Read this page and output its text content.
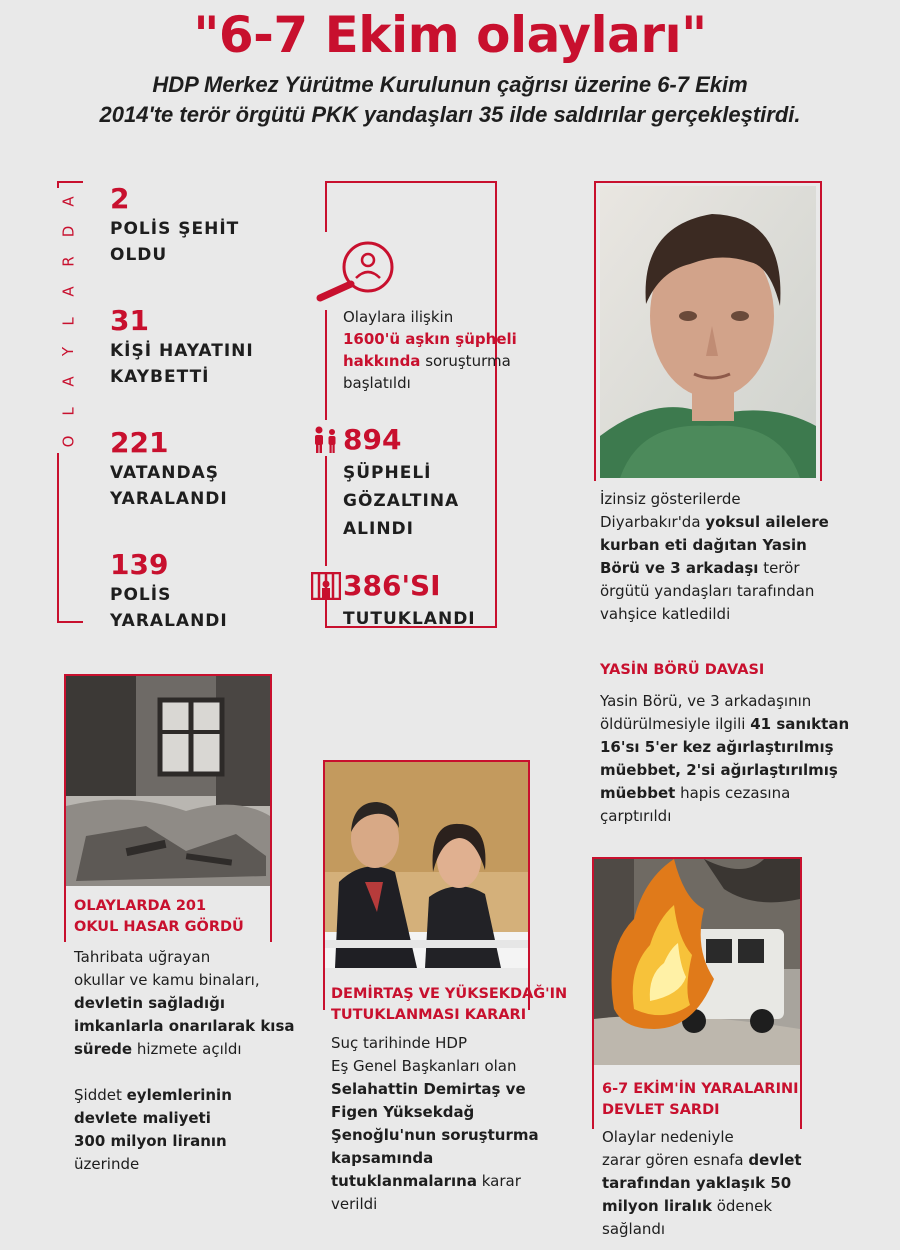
"6-7 Ekim olayları"
HDP Merkez Yürütme Kurulunun çağrısı üzerine 6-7 Ekim
2014'te terör örgütü PKK yandaşları 35 ilde saldırılar gerçekleştirdi.
A
D
R
A
L
Y
A
L
O
2
POLİS ŞEHİT
OLDU
31
KİŞİ HAYATINI
KAYBETTİ
221
VATANDAŞ
YARALANDI
139
POLİS
YARALANDI
Olaylara ilişkin
1600'ü aşkın şüpheli
hakkında soruşturma
başlatıldı
894
ŞÜPHELİ
GÖZALTINA
ALINDI
386'SI
TUTUKLANDI
İzinsiz gösterilerde
Diyarbakır'da yoksul ailelere
kurban eti dağıtan Yasin
Börü ve 3 arkadaşı terör
örgütü yandaşları tarafından
vahşice katledildi
YASİN BÖRÜ DAVASI
Yasin Börü, ve 3 arkadaşının
öldürülmesiyle ilgili 41 sanıktan
16'sı 5'er kez ağırlaştırılmış
müebbet, 2'si ağırlaştırılmış
müebbet hapis cezasına
çarptırıldı
OLAYLARDA 201
OKUL HASAR GÖRDÜ
Tahribata uğrayan
okullar ve kamu binaları,
devletin sağladığı
imkanlarla onarılarak kısa
sürede hizmete açıldı
Şiddet eylemlerinin
devlete maliyeti
300 milyon liranın
üzerinde
DEMİRTAŞ VE YÜKSEKDAĞ'IN
TUTUKLANMASI KARARI
Suç tarihinde HDP
Eş Genel Başkanları olan
Selahattin Demirtaş ve
Figen Yüksekdağ
Şenoğlu'nun soruşturma
kapsamında
tutuklanmalarına karar
verildi
6-7 EKİM'İN YARALARINI
DEVLET SARDI
Olaylar nedeniyle
zarar gören esnafa devlet
tarafından yaklaşık 50
milyon liralık ödenek
sağlandı
